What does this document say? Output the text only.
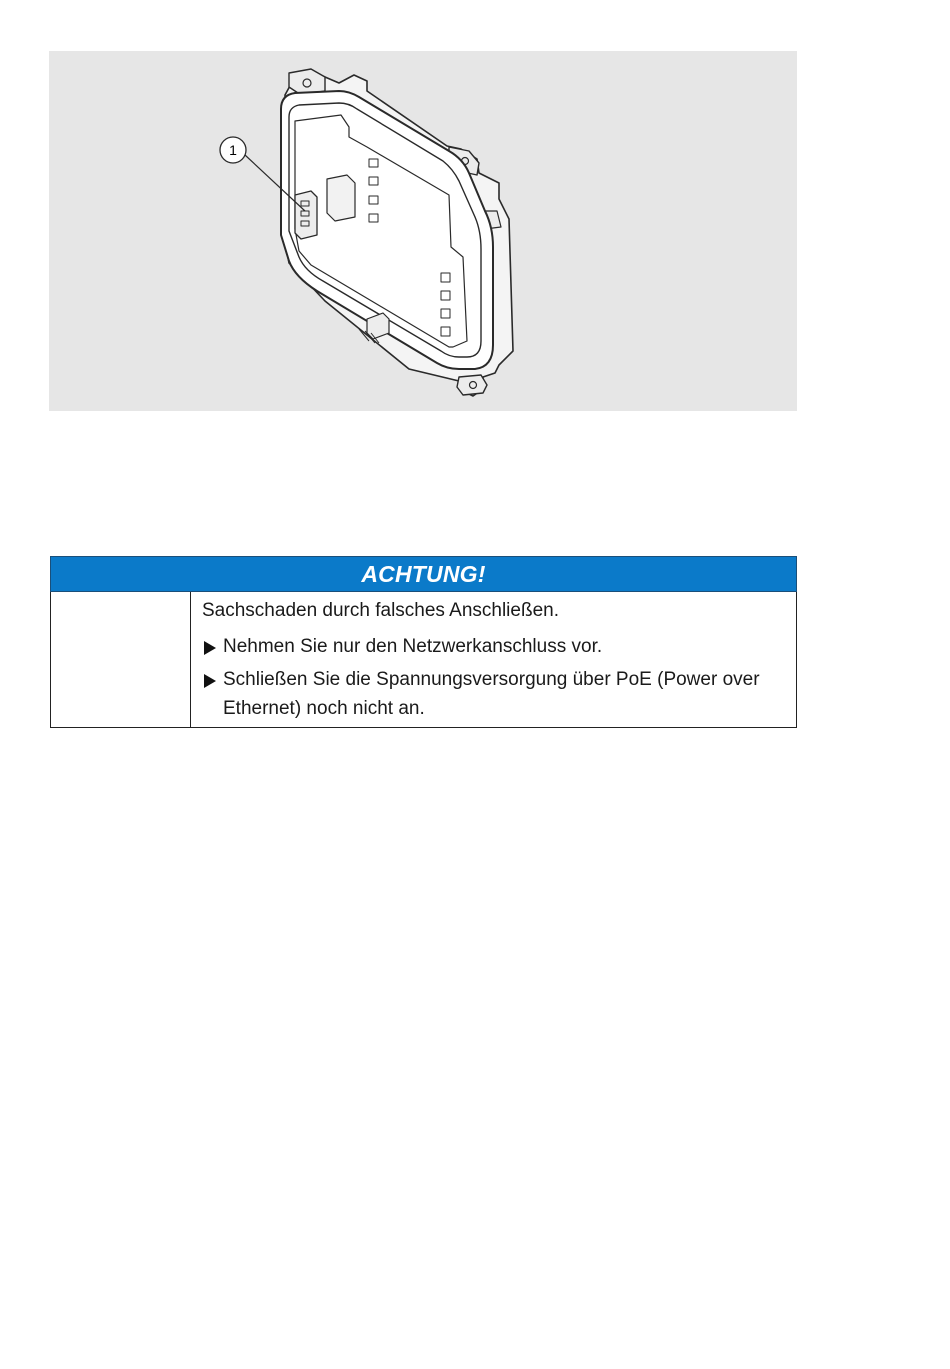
1
ACHTUNG!
Sachschaden durch falsches Anschließen.
Nehmen Sie nur den Netzwerkanschluss vor.
Schließen Sie die Spannungsversorgung über PoE (Power over Ethernet) noch nicht an.
